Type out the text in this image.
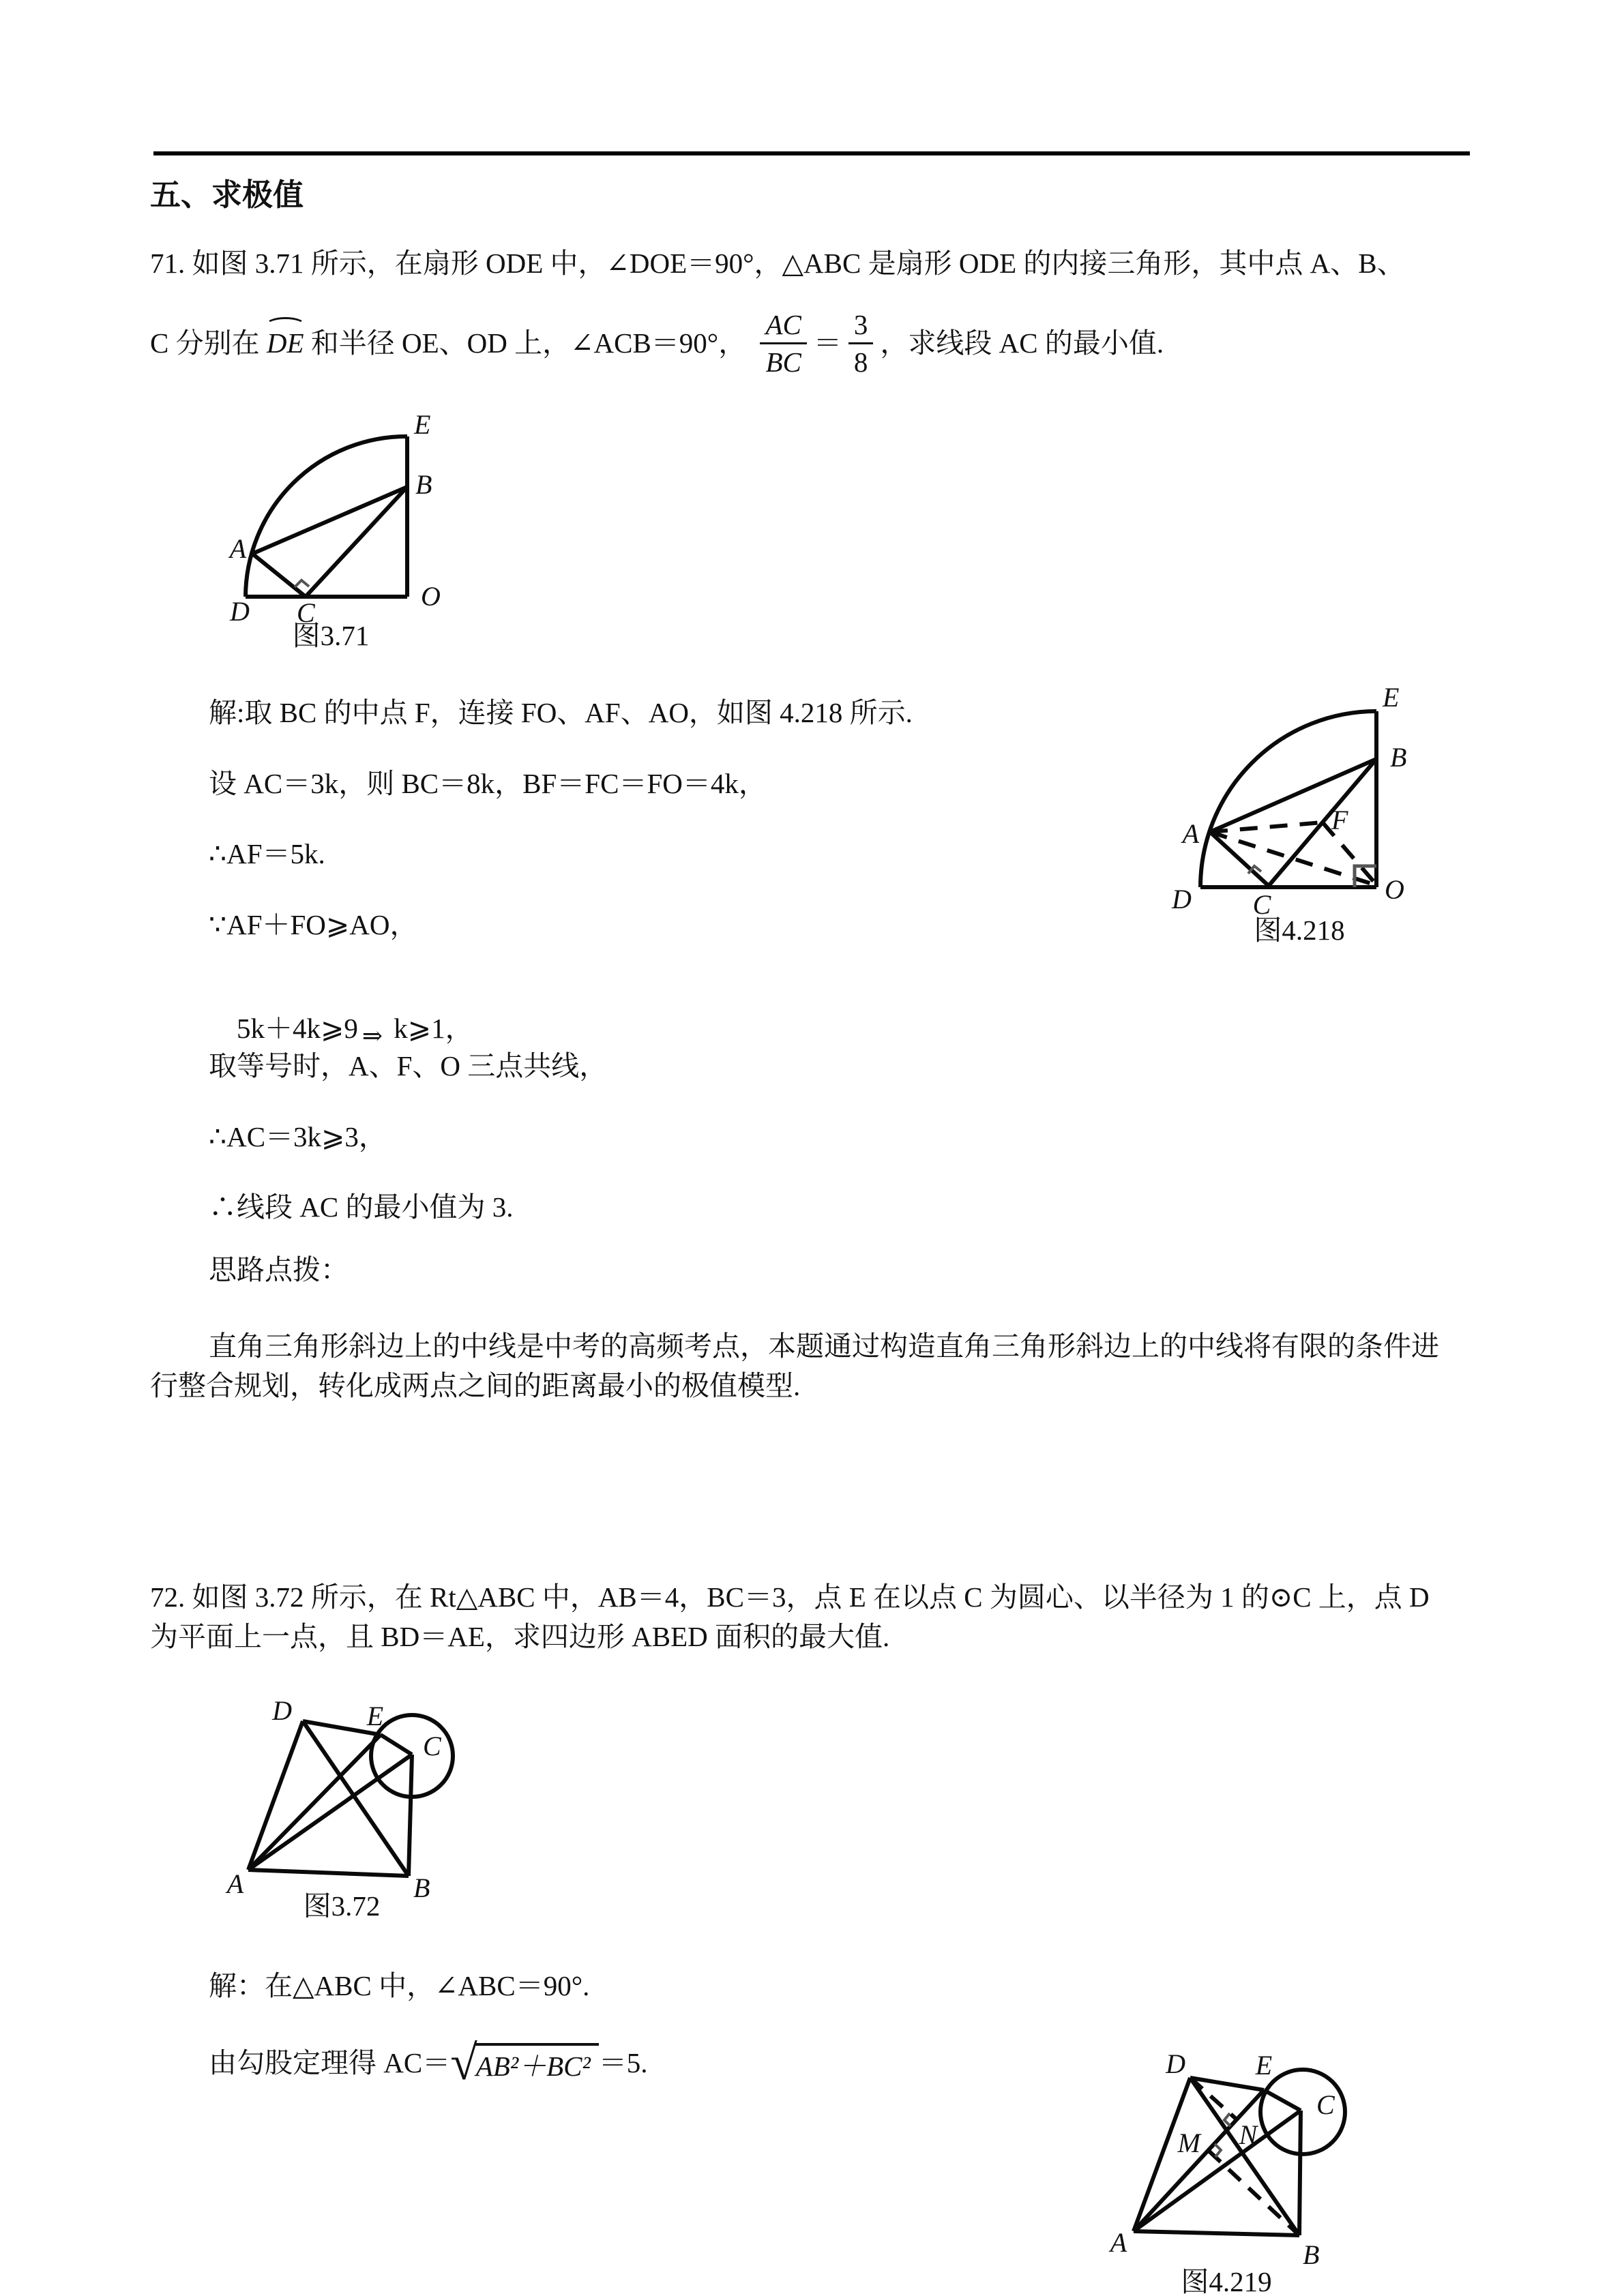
五、求极值
71. 如图 3.71 所示，在扇形 ODE 中，∠DOE＝90°，△ABC 是扇形 ODE 的内接三角形，其中点 A、B、
C 分别在 DE 和半径 OE、OD 上，∠ACB＝90°， $\frac{AC}{BC} = \frac{3}{8}$ ，求线段 AC 的最小值.
E
B
A
D C
O
图3.71
E
B
A	F
D C	O
图4.218
解:取 BC 的中点 F，连接 FO、AF、AO，如图 4.218 所示.
设 AC＝3k，则 BC＝8k，BF＝FC＝FO＝4k，
∴AF＝5k.
∵AF＋FO⩾AO，

5k＋4k⩾9 ⇒ k⩾1，

取等号时，A、F、O 三点共线，
∴AC＝3k⩾3，
∴线段 AC 的最小值为 3.
思路点拨：
直角三角形斜边上的中线是中考的高频考点，本题通过构造直角三角形斜边上的中线将有限的条件进
行整合规划，转化成两点之间的距离最小的极值模型.
72. 如图 3.72 所示，在 Rt△ABC 中，AB＝4，BC＝3，点 E 在以点 C 为圆心、以半径为 1 的⊙C 上，点 D
为平面上一点，且 BD＝AE，求四边形 ABED 面积的最大值.
D	E
C
A	B
图3.72
解：在△ABC 中，∠ABC＝90°.
由勾股定理得 AC＝ √
AB²＋BC² ＝5.	D	E
C
N
M
A	B
图4.219
